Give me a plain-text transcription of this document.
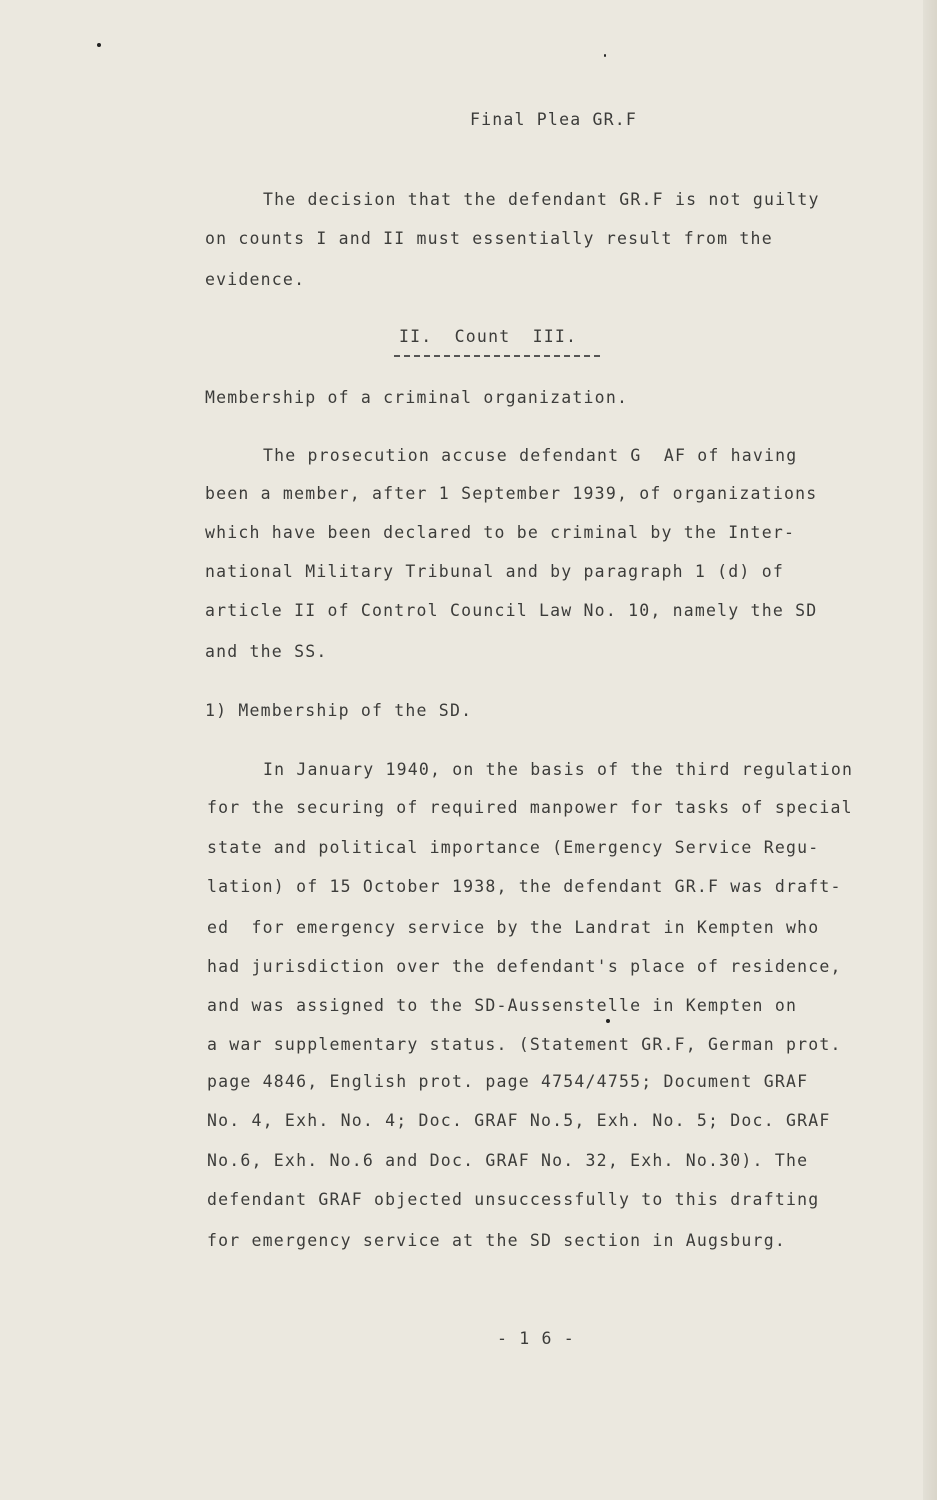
Final Plea GR.F
The decision that the defendant GR.F is not guilty
on counts I and II must essentially result from the
evidence.
II.  Count  III.
Membership of a criminal organization.
The prosecution accuse defendant G  AF of having
been a member, after 1 September 1939, of organizations
which have been declared to be criminal by the Inter-
national Military Tribunal and by paragraph 1 (d) of
article II of Control Council Law No. 10, namely the SD
and the SS.
1) Membership of the SD.
In January 1940, on the basis of the third regulation
for the securing of required manpower for tasks of special
state and political importance (Emergency Service Regu-
lation) of 15 October 1938, the defendant GR.F was draft-
ed  for emergency service by the Landrat in Kempten who
had jurisdiction over the defendant's place of residence,
and was assigned to the SD-Aussenstelle in Kempten on
a war supplementary status. (Statement GR.F, German prot.
page 4846, English prot. page 4754/4755; Document GRAF
No. 4, Exh. No. 4; Doc. GRAF No.5, Exh. No. 5; Doc. GRAF
No.6, Exh. No.6 and Doc. GRAF No. 32, Exh. No.30). The
defendant GRAF objected unsuccessfully to this drafting
for emergency service at the SD section in Augsburg.
- 1 6 -
